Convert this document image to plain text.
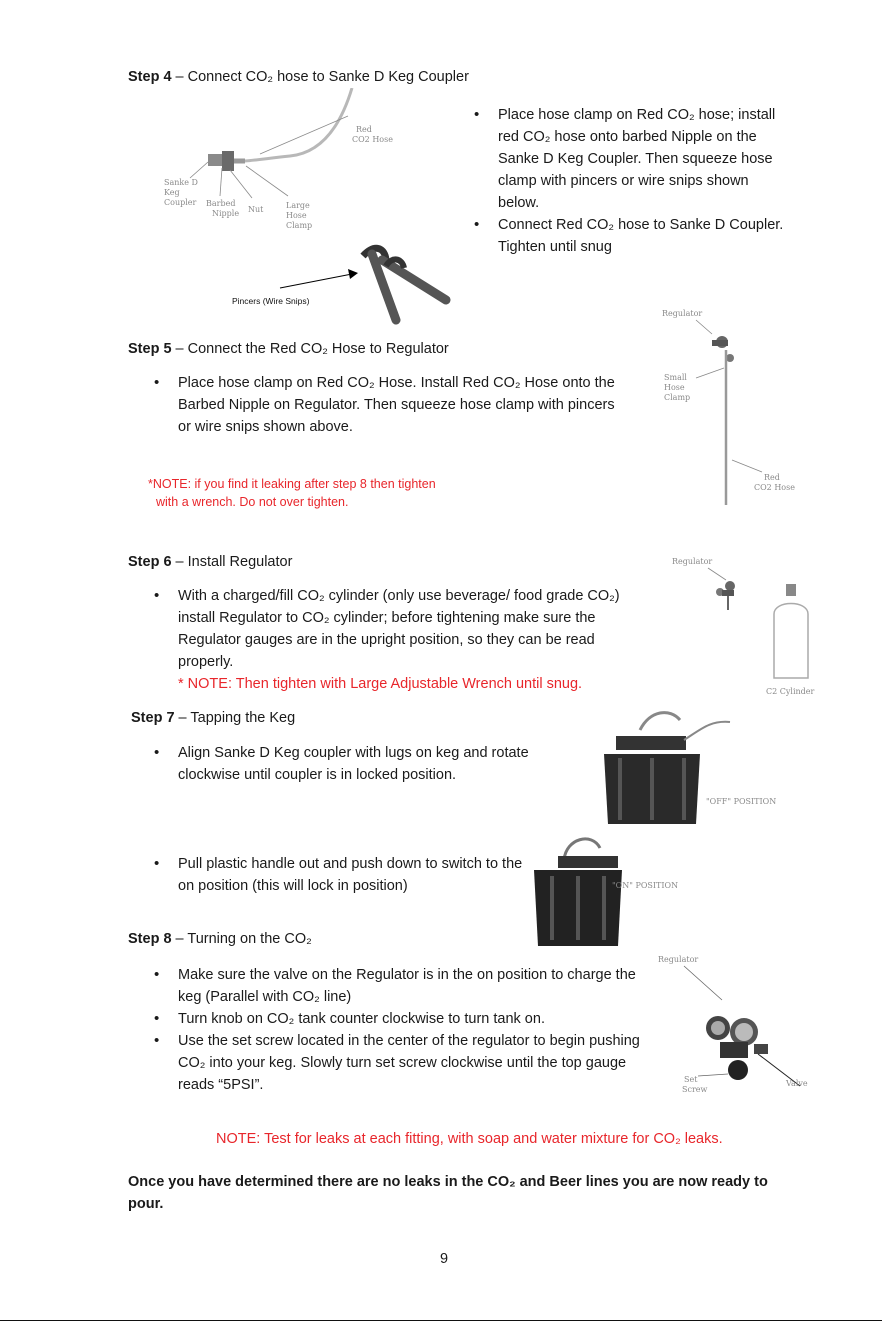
Step 4 – Connect CO₂ hose to Sanke D Keg Coupler
Red
CO2 Hose
Sanke D
Keg
Coupler Barbed
Nipple Nut	Large
Hose
Clamp
Pincers (Wire Snips)
• Place hose clamp on Red CO₂ hose; install red CO₂ hose onto barbed Nipple on the Sanke D Keg Coupler. Then squeeze hose clamp with pincers or wire snips shown below.
• Connect Red CO₂ hose to Sanke D Coupler. Tighten until snug
Step 5 – Connect the Red CO₂ Hose to Regulator
• Place hose clamp on Red CO₂ Hose. Install Red CO₂ Hose onto the Barbed Nipple on Regulator. Then squeeze hose clamp with pincers or wire snips shown above.
*NOTE: if you find it leaking after step 8 then tighten
with a wrench. Do not over tighten.
Regulator
Small
Hose
Clamp
Red
CO2 Hose
Step 6 – Install Regulator
• With a charged/fill CO₂ cylinder (only use beverage/ food grade CO₂) install Regulator to CO₂ cylinder; before tightening make sure the Regulator gauges are in the upright position, so they can be read properly.
* NOTE: Then tighten with Large Adjustable Wrench until snug.
Regulator
C2 Cylinder
Step 7 – Tapping the Keg
• Align Sanke D Keg coupler with lugs on keg and rotate clockwise until coupler is in locked position.
• Pull plastic handle out and push down to switch to the on position (this will lock in position)
"OFF" POSITION
"ON" POSITION
Step 8 – Turning on the CO₂
• Make sure the valve on the Regulator is in the on position to charge the keg (Parallel with CO₂ line)
• Turn knob on CO₂ tank counter clockwise to turn tank on.
• Use the set screw located in the center of the regulator to begin pushing CO₂ into your keg. Slowly turn set screw clockwise until the top gauge reads “5PSI”.
Regulator
Valve
Set
Screw
NOTE: Test for leaks at each fitting, with soap and water mixture for CO₂ leaks.
Once you have determined there are no leaks in the CO₂ and Beer lines you are now ready to pour.
9
